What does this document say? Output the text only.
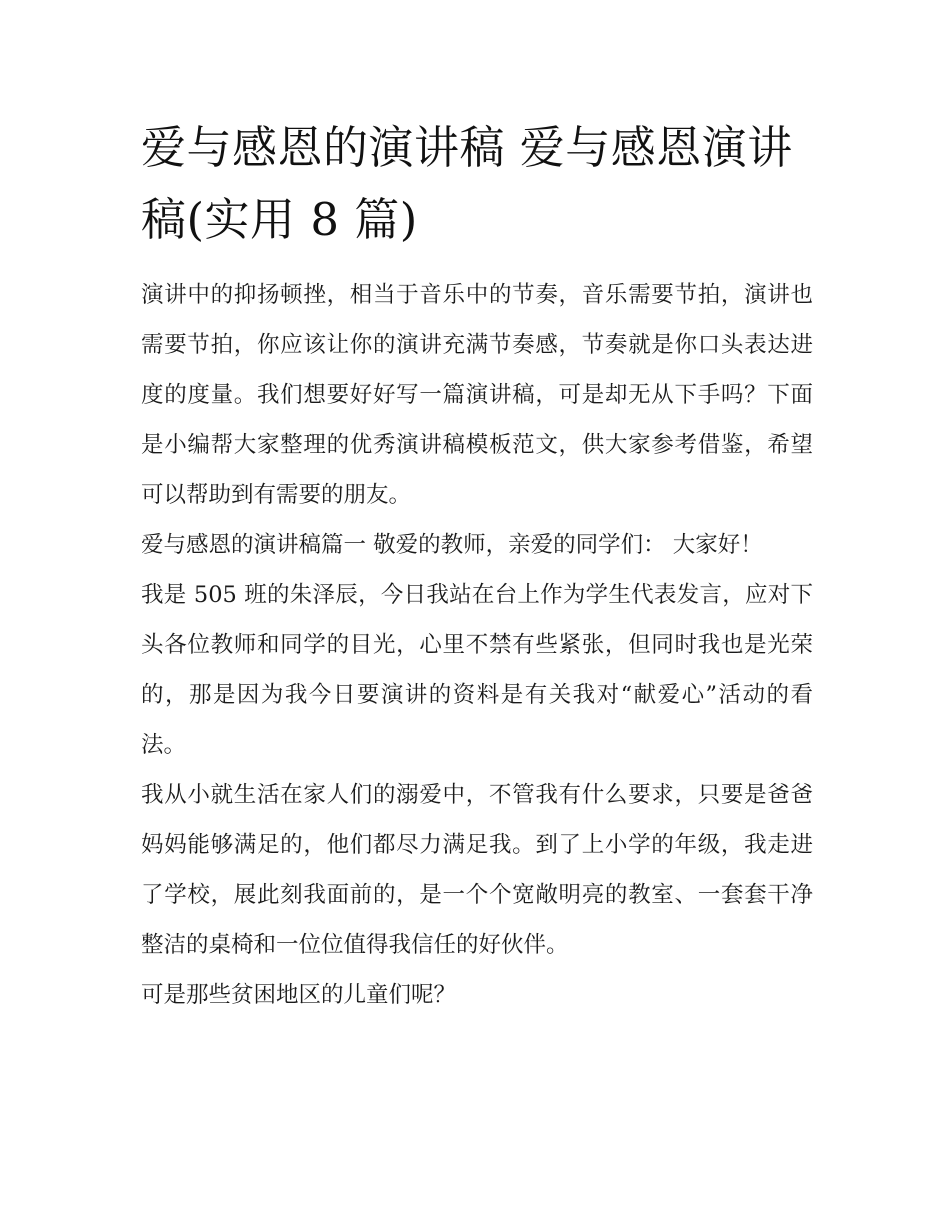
爱与感恩的演讲稿 爱与感恩演讲稿(实用 8 篇)

演讲中的抑扬顿挫，相当于音乐中的节奏，音乐需要节拍，演讲也需要节拍，你应该让你的演讲充满节奏感，节奏就是你口头表达进度的度量。我们想要好好写一篇演讲稿，可是却无从下手吗？下面是小编帮大家整理的优秀演讲稿模板范文，供大家参考借鉴，希望可以帮助到有需要的朋友。

爱与感恩的演讲稿篇一 敬爱的教师，亲爱的同学们： 大家好！

我是 505 班的朱泽辰，今日我站在台上作为学生代表发言，应对下头各位教师和同学的目光，心里不禁有些紧张，但同时我也是光荣的，那是因为我今日要演讲的资料是有关我对“献爱心”活动的看法。

我从小就生活在家人们的溺爱中，不管我有什么要求，只要是爸爸妈妈能够满足的，他们都尽力满足我。到了上小学的年级，我走进了学校，展此刻我面前的，是一个个宽敞明亮的教室、一套套干净整洁的桌椅和一位位值得我信任的好伙伴。

可是那些贫困地区的儿童们呢？
